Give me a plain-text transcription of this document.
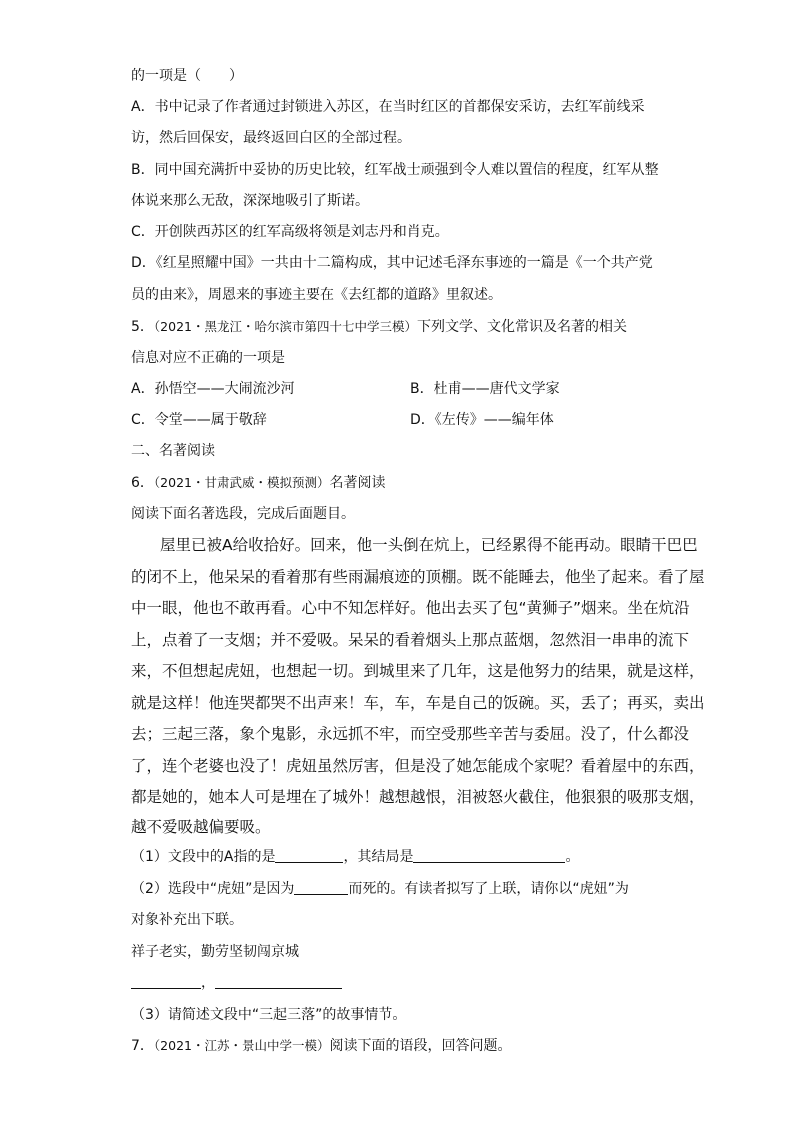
的一项是（　　）
A．书中记录了作者通过封锁进入苏区，在当时红区的首都保安采访，去红军前线采
访，然后回保安，最终返回白区的全部过程。
B．同中国充满折中妥协的历史比较，红军战士顽强到令人难以置信的程度，红军从整
体说来那么无敌，深深地吸引了斯诺。
C．开创陕西苏区的红军高级将领是刘志丹和肖克。
D．《红星照耀中国》一共由十二篇构成，其中记述毛泽东事迹的一篇是《一个共产党
员的由来》，周恩来的事迹主要在《去红都的道路》里叙述。
5．（2021・黑龙江・哈尔滨市第四十七中学三模）下列文学、文化常识及名著的相关
信息对应不正确的一项是
A．孙悟空——大闹流沙河	B．杜甫——唐代文学家
C．令堂——属于敬辞	D．《左传》——编年体
二、名著阅读
6．（2021・甘肃武威・模拟预测）名著阅读
阅读下面名著选段，完成后面题目。
屋里已被A给收拾好。回来，他一头倒在炕上，已经累得不能再动。眼睛干巴巴
的闭不上，他呆呆的看着那有些雨漏痕迹的顶棚。既不能睡去，他坐了起来。看了屋
中一眼，他也不敢再看。心中不知怎样好。他出去买了包“黄狮子”烟来。坐在炕沿
上，点着了一支烟；并不爱吸。呆呆的看着烟头上那点蓝烟，忽然泪一串串的流下
来，不但想起虎妞，也想起一切。到城里来了几年，这是他努力的结果，就是这样，
就是这样！他连哭都哭不出声来！车，车，车是自己的饭碗。买，丢了；再买，卖出
去；三起三落，象个鬼影，永远抓不牢，而空受那些辛苦与委屈。没了，什么都没
了，连个老婆也没了！虎妞虽然厉害，但是没了她怎能成个家呢？看着屋中的东西，
都是她的，她本人可是埋在了城外！越想越恨，泪被怒火截住，他狠狠的吸那支烟，
越不爱吸越偏要吸。
（1）文段中的A指的是	，其结局是	。
（2）选段中“虎妞”是因为	而死的。有读者拟写了上联，请你以“虎妞”为
对象补充出下联。
祥子老实，勤劳坚韧闯京城
，
（3）请简述文段中“三起三落”的故事情节。
7．（2021・江苏・景山中学一模）阅读下面的语段，回答问题。
